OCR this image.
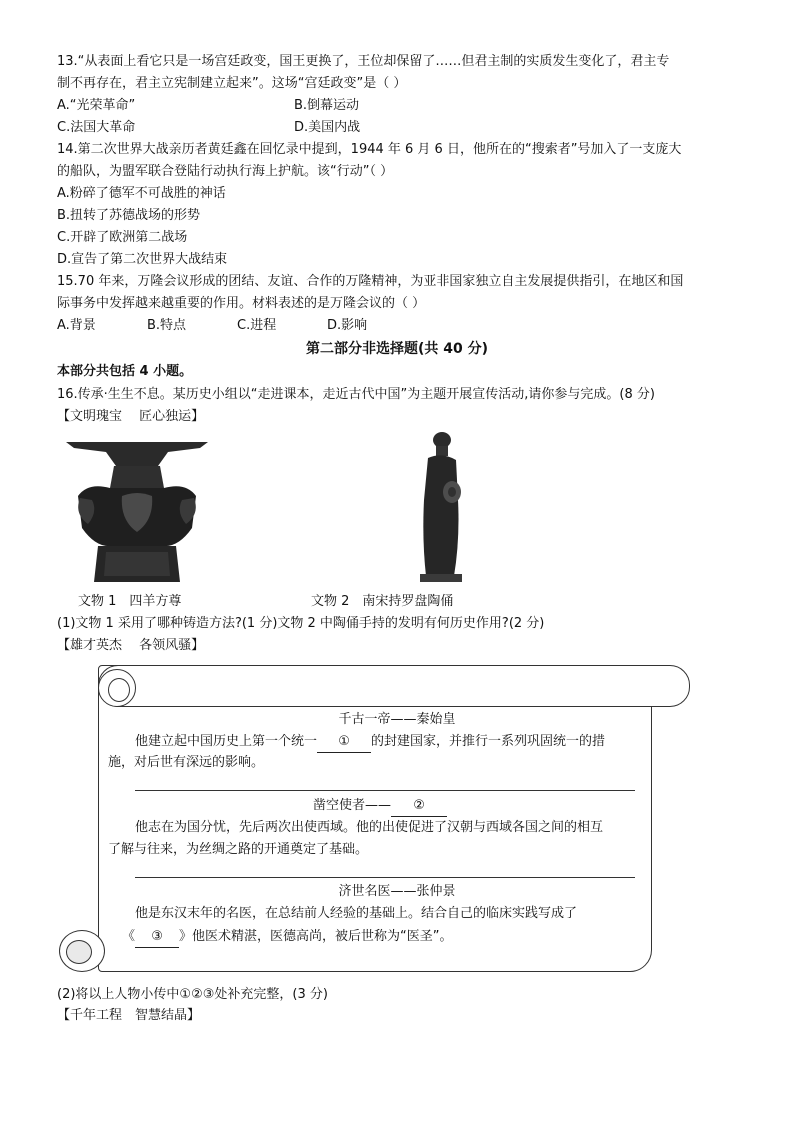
13.“从表面上看它只是一场宫廷政变，国王更换了，王位却保留了……但君主制的实质发生变化了，君主专
制不再存在，君主立宪制建立起来”。这场“宫廷政变”是（ ）
A.“光荣革命”	B.倒幕运动
C.法国大革命	D.美国内战
14.第二次世界大战亲历者黄廷鑫在回忆录中提到，1944 年 6 月 6 日，他所在的“搜索者”号加入了一支庞大
的船队，为盟军联合登陆行动执行海上护航。该“行动”（ ）
A.粉碎了德军不可战胜的神话
B.扭转了苏德战场的形势
C.开辟了欧洲第二战场
D.宣告了第二次世界大战结束
15.70 年来，万隆会议形成的团结、友谊、合作的万隆精神，为亚非国家独立自主发展提供指引，在地区和国
际事务中发挥越来越重要的作用。材料表述的是万隆会议的（ ）
A.背景	B.特点	C.进程	D.影响
第二部分非选择题(共 40 分)
本部分共包括 4 小题。
16.传承·生生不息。某历史小组以“走进课本，走近古代中国”为主题开展宣传活动,请你参与完成。(8 分)
【文明瑰宝　 匠心独运】
文物 1　四羊方尊	文物 2　南宋持罗盘陶俑
(1)文物 1 采用了哪种铸造方法?(1 分)文物 2 中陶俑手持的发明有何历史作用?(2 分)
【雄才英杰　 各领风骚】
千古一帝——秦始皇
他建立起中国历史上第一个统一 ① 的封建国家，并推行一系列巩固统一的措
施，对后世有深远的影响。
凿空使者—— ②
他志在为国分忧，先后两次出使西域。他的出使促进了汉朝与西域各国之间的相互
了解与往来，为丝绸之路的开通奠定了基础。
济世名医——张仲景
他是东汉末年的名医，在总结前人经验的基础上。结合自己的临床实践写成了
《 ③ 》他医术精湛，医德高尚，被后世称为“医圣”。
(2)将以上人物小传中①②③处补充完整，(3 分)
【千年工程　智慧结晶】
